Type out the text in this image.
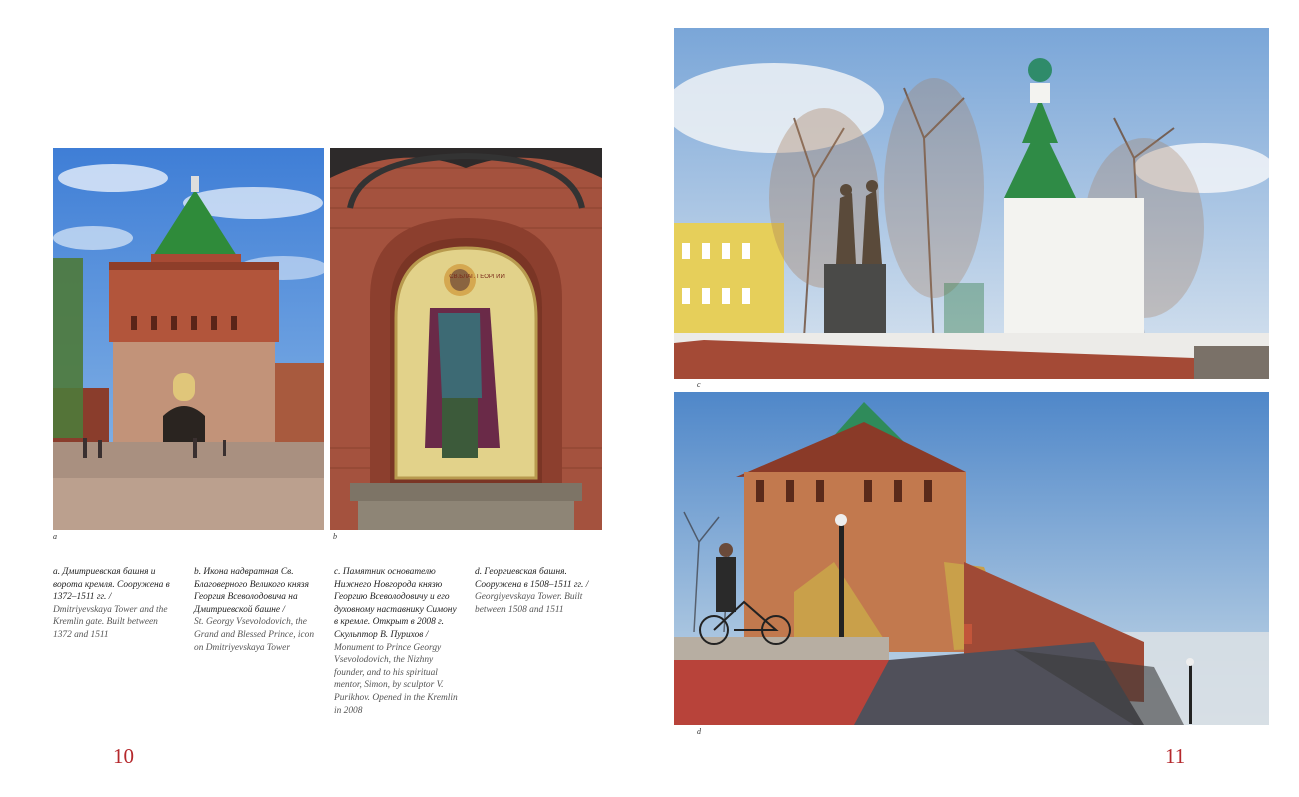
a
СВ.БЛАГ. ГЕОРГИЙ
b
c
d
a. Дмитриевская башня и ворота кремля. Сооружена в 1372–1511 гг. /
Dmitriyevskaya Tower and the Kremlin gate. Built between 1372 and 1511
b. Икона надвратная Св. Благоверного Великого князя Георгия Всеволодовича на Дмитриевской башне /
St. Georgy Vsevolodovich, the Grand and Blessed Prince, icon on Dmitriyevskaya Tower
c. Памятник основателю Нижнего Новгорода князю Георгию Всеволодовичу и его духовному наставнику Симону в кремле. Открыт в 2008 г. Скульптор В. Пурихов /
Monument to Prince Georgy Vsevolodovich, the Nizhny founder, and to his spiritual mentor, Simon, by sculptor V. Purikhov. Opened in the Kremlin in 2008
d. Георгиевская башня. Сооружена в 1508–1511 гг. /
Georgiyevskaya Tower. Built between 1508 and 1511
10	11
